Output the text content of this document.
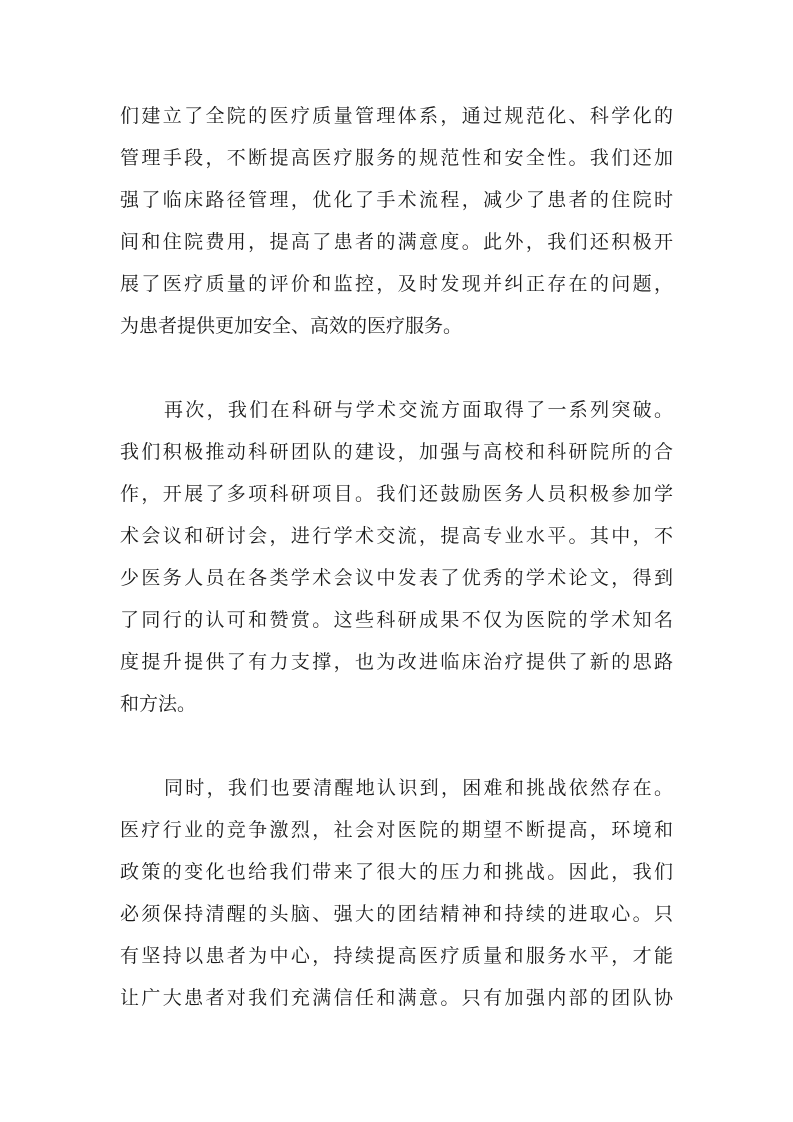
们建立了全院的医疗质量管理体系，通过规范化、科学化的
管理手段，不断提高医疗服务的规范性和安全性。我们还加
强了临床路径管理，优化了手术流程，减少了患者的住院时
间和住院费用，提高了患者的满意度。此外，我们还积极开
展了医疗质量的评价和监控，及时发现并纠正存在的问题，
为患者提供更加安全、高效的医疗服务。
再次，我们在科研与学术交流方面取得了一系列突破。
我们积极推动科研团队的建设，加强与高校和科研院所的合
作，开展了多项科研项目。我们还鼓励医务人员积极参加学
术会议和研讨会，进行学术交流，提高专业水平。其中，不
少医务人员在各类学术会议中发表了优秀的学术论文，得到
了同行的认可和赞赏。这些科研成果不仅为医院的学术知名
度提升提供了有力支撑，也为改进临床治疗提供了新的思路
和方法。
同时，我们也要清醒地认识到，困难和挑战依然存在。
医疗行业的竞争激烈，社会对医院的期望不断提高，环境和
政策的变化也给我们带来了很大的压力和挑战。因此，我们
必须保持清醒的头脑、强大的团结精神和持续的进取心。只
有坚持以患者为中心，持续提高医疗质量和服务水平，才能
让广大患者对我们充满信任和满意。只有加强内部的团队协
